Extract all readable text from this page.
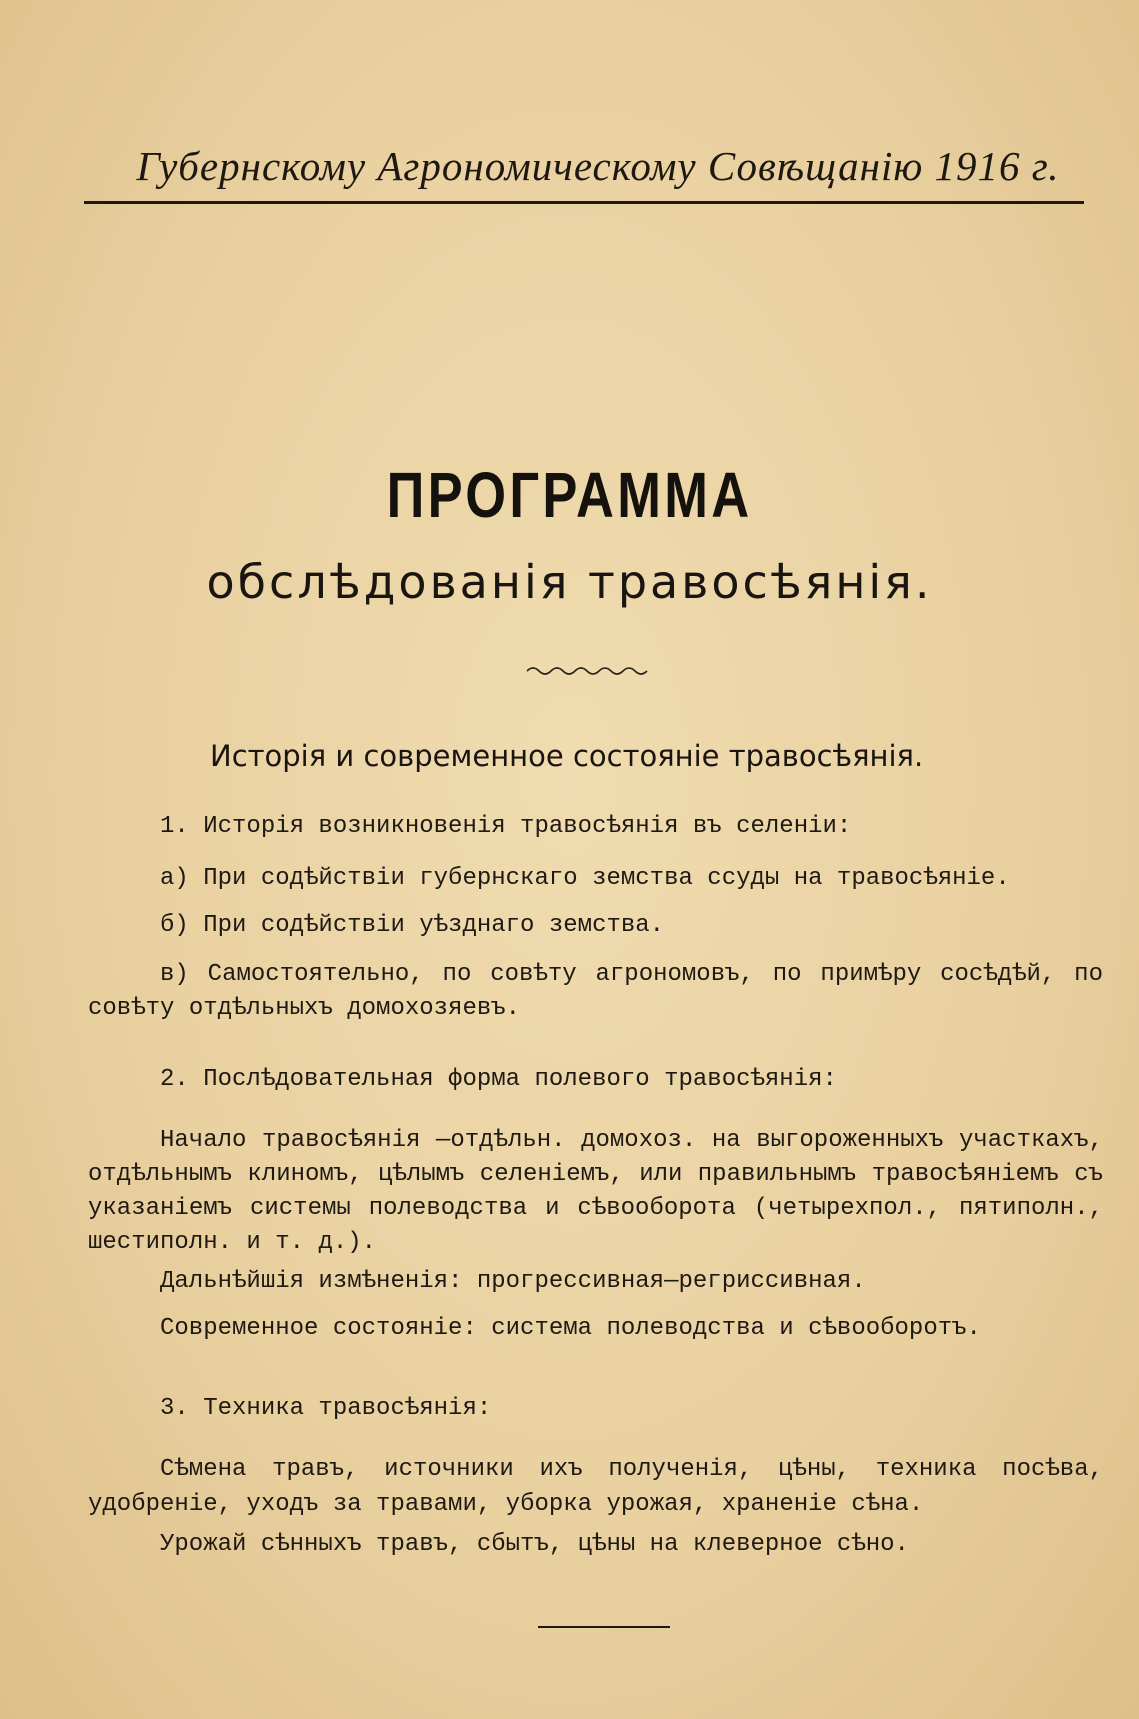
Губернскому Агрономическому Совѣщанію 1916 г.
ПРОГРАММА
обслѣдованія травосѣянія.
Исторія и современное состояніе травосѣянія.
1. Исторія возникновенія травосѣянія въ селеніи:
а) При содѣйствіи губернскаго земства ссуды на травосѣяніе.
б) При содѣйствіи уѣзднаго земства.
в) Самостоятельно, по совѣту агрономовъ, по примѣру сосѣдѣй, по совѣту отдѣльныхъ домохозяевъ.
2. Послѣдовательная форма полевого травосѣянія:
Начало травосѣянія —отдѣльн. домохоз. на выгороженныхъ участкахъ, отдѣльнымъ клиномъ, цѣлымъ селеніемъ, или правильнымъ травосѣяніемъ съ указаніемъ системы полеводства и сѣвооборота (четырехпол., пятиполн., шестиполн. и т. д.).
Дальнѣйшія измѣненія: прогрессивная—регриссивная.
Современное состояніе: система полеводства и сѣвооборотъ.
3. Техника травосѣянія:
Сѣмена травъ, источники ихъ полученія, цѣны, техника посѣва, удобреніе, уходъ за травами, уборка урожая, храненіе сѣна.
Урожай сѣнныхъ травъ, сбытъ, цѣны на клеверное сѣно.
